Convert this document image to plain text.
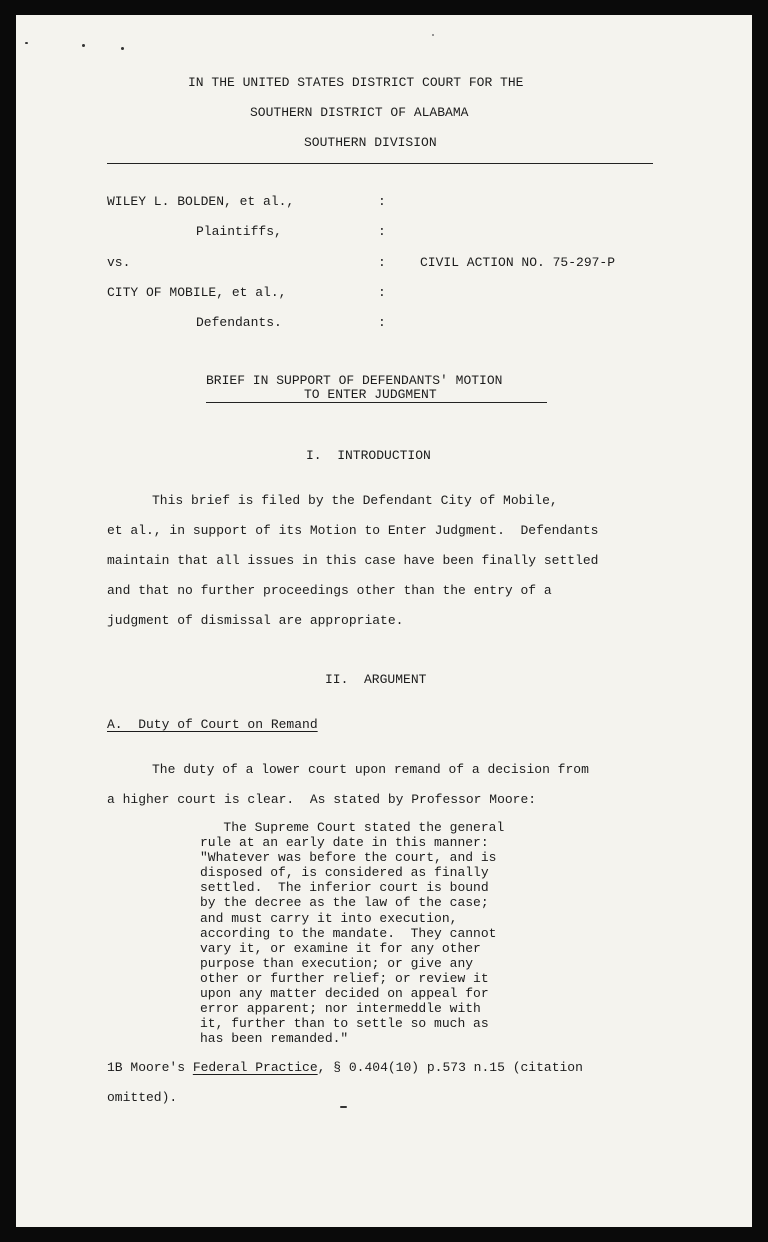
IN THE UNITED STATES DISTRICT COURT FOR THE
SOUTHERN DISTRICT OF ALABAMA
SOUTHERN DIVISION
WILEY L. BOLDEN, et al.,
Plaintiffs,
vs.
CITY OF MOBILE, et al.,
Defendants.
:
:
:
:
:
CIVIL ACTION NO. 75-297-P
BRIEF IN SUPPORT OF DEFENDANTS' MOTION
TO ENTER JUDGMENT
I.  INTRODUCTION
This brief is filed by the Defendant City of Mobile,
et al., in support of its Motion to Enter Judgment.  Defendants
maintain that all issues in this case have been finally settled
and that no further proceedings other than the entry of a
judgment of dismissal are appropriate.
II.  ARGUMENT
A.  Duty of Court on Remand
The duty of a lower court upon remand of a decision from
a higher court is clear.  As stated by Professor Moore:
The Supreme Court stated the general
rule at an early date in this manner:
"Whatever was before the court, and is
disposed of, is considered as finally
settled.  The inferior court is bound
by the decree as the law of the case;
and must carry it into execution,
according to the mandate.  They cannot
vary it, or examine it for any other
purpose than execution; or give any
other or further relief; or review it
upon any matter decided on appeal for
error apparent; nor intermeddle with
it, further than to settle so much as
has been remanded."
1B Moore's Federal Practice, § 0.404(10) p.573 n.15 (citation
omitted).
